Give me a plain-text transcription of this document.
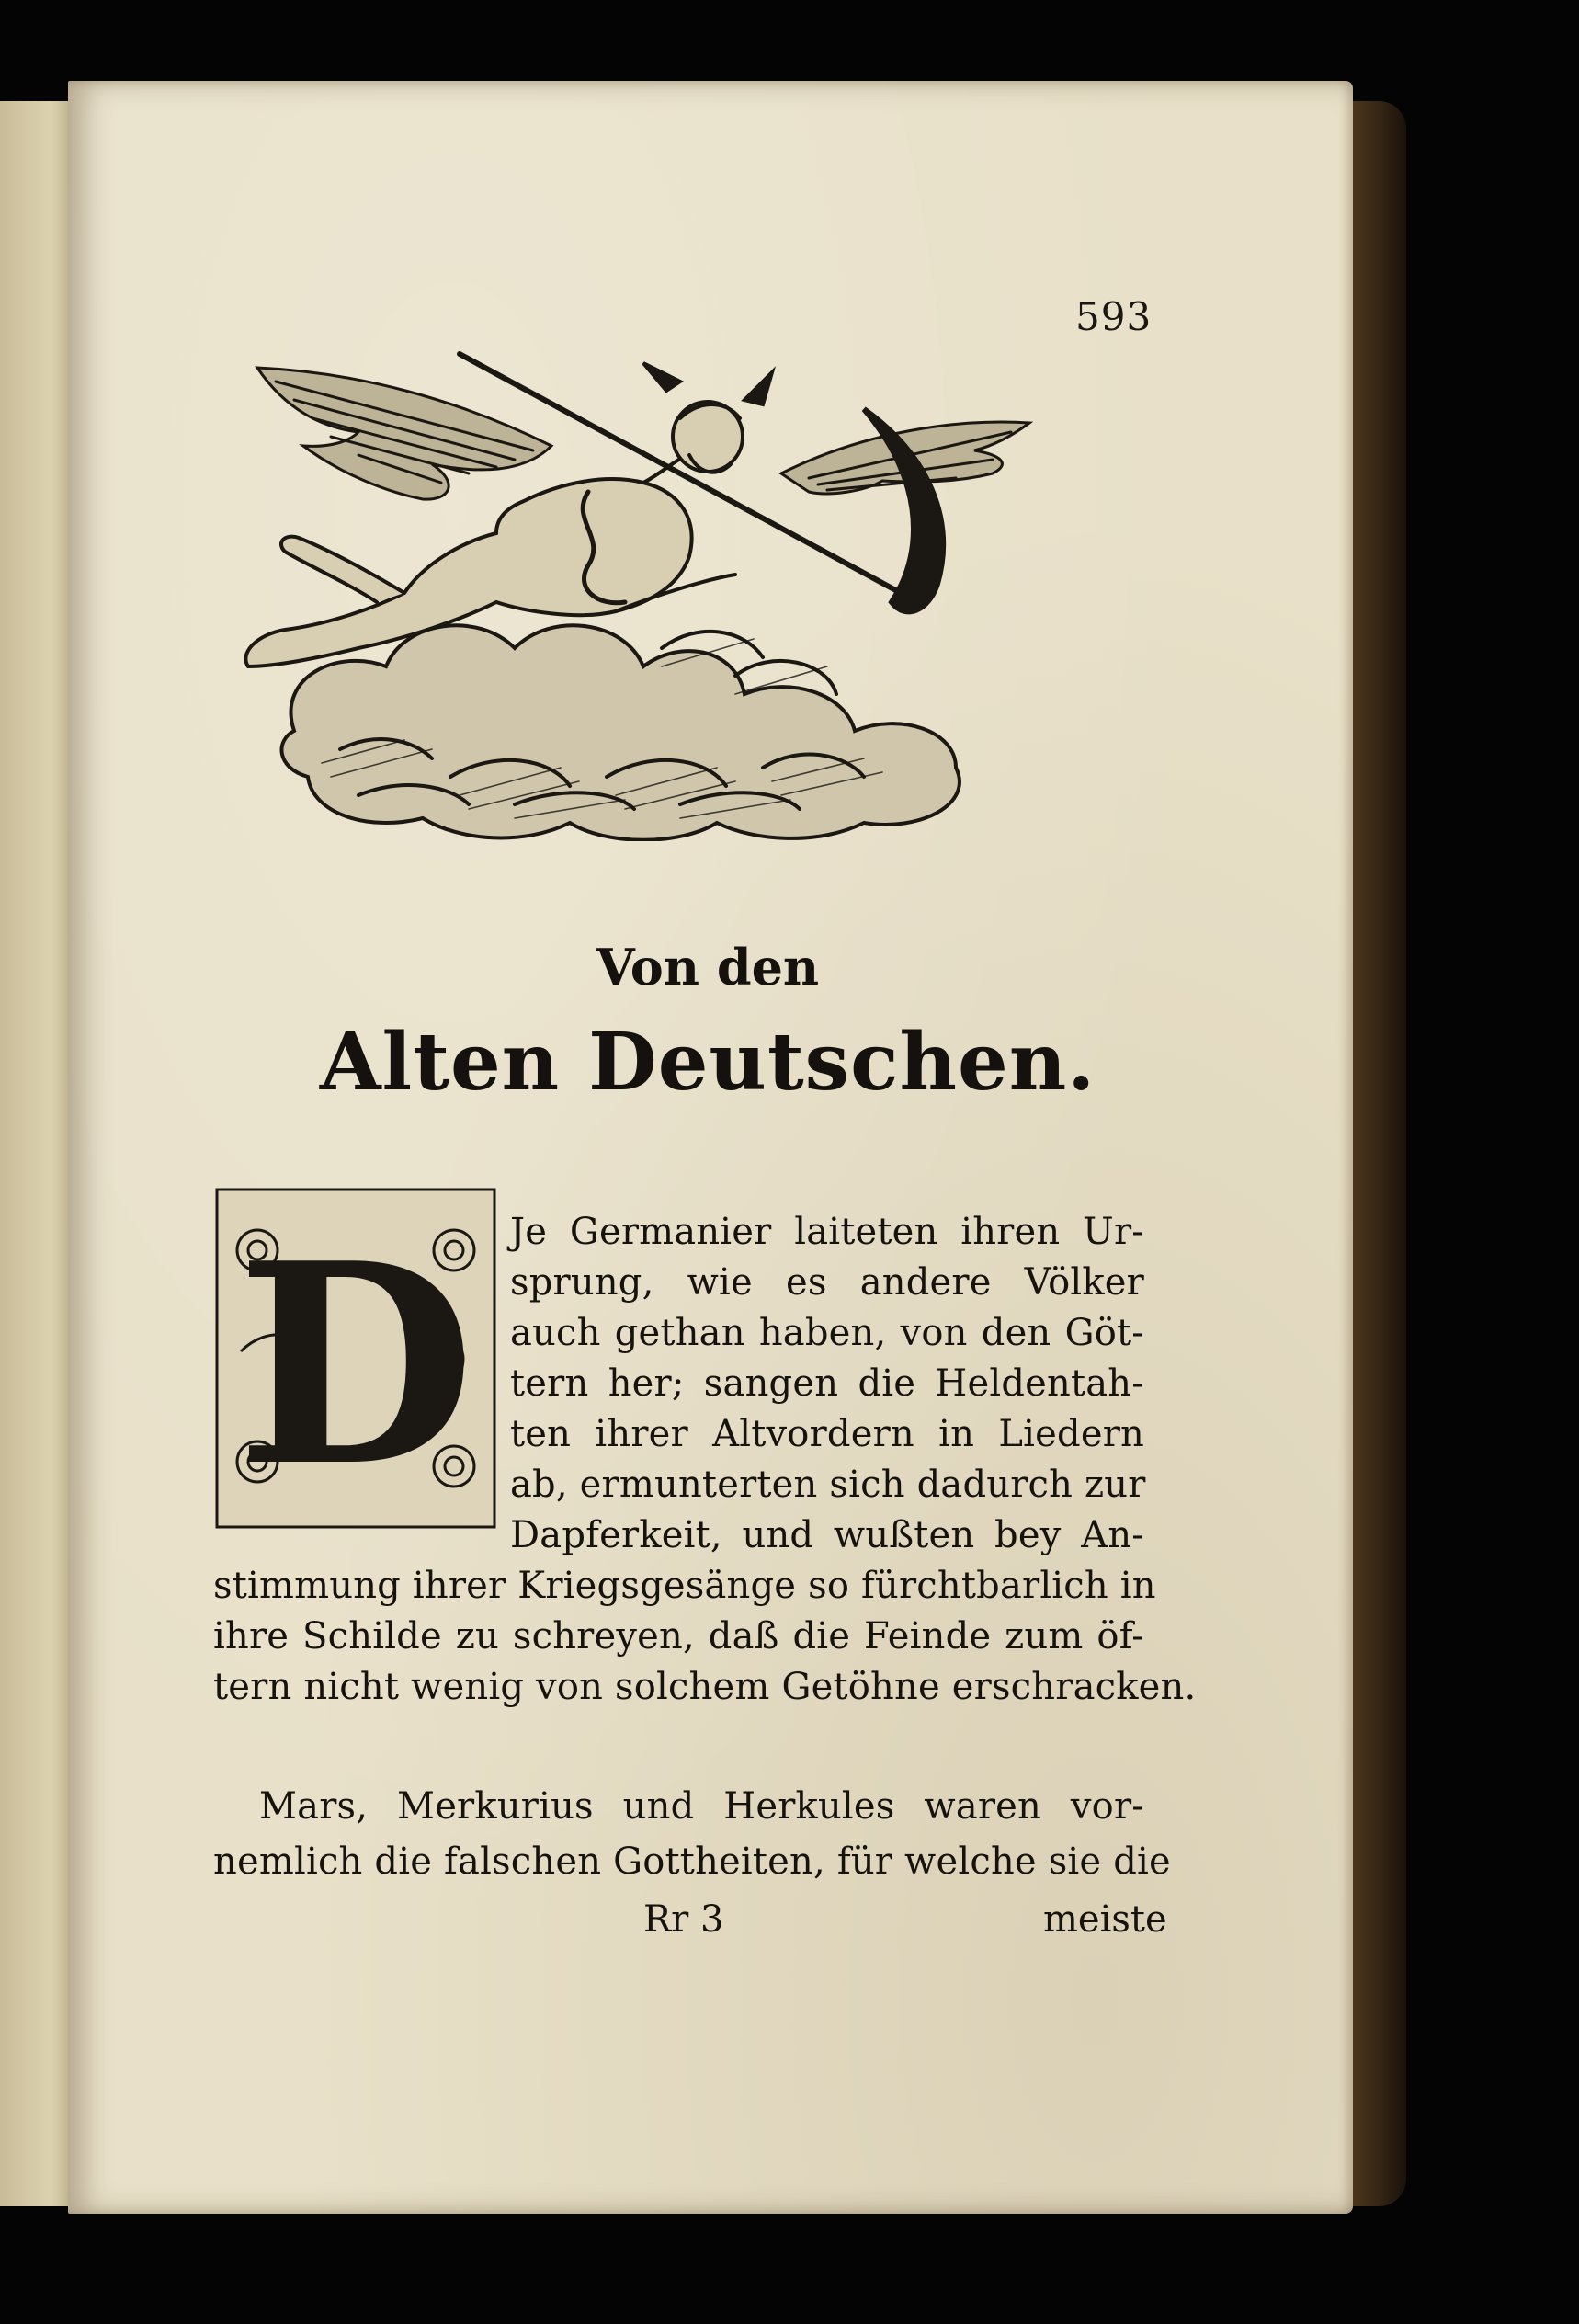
593
Von den
Alten Deutschen.
D Je Germanier laiteten ihren Ur-
sprung, wie es andere Völker
auch gethan haben, von den Göt-
tern her; sangen die Heldentah-
ten ihrer Altvordern in Liedern
ab, ermunterten sich dadurch zur
Dapferkeit, und wußten bey An-
stimmung ihrer Kriegsgesänge so fürchtbarlich in
ihre Schilde zu schreyen, daß die Feinde zum öf-
tern nicht wenig von solchem Getöhne erschracken.
Mars, Merkurius und Herkules waren vor-
nemlich die falschen Gottheiten, für welche sie die
Rr 3	meiste
